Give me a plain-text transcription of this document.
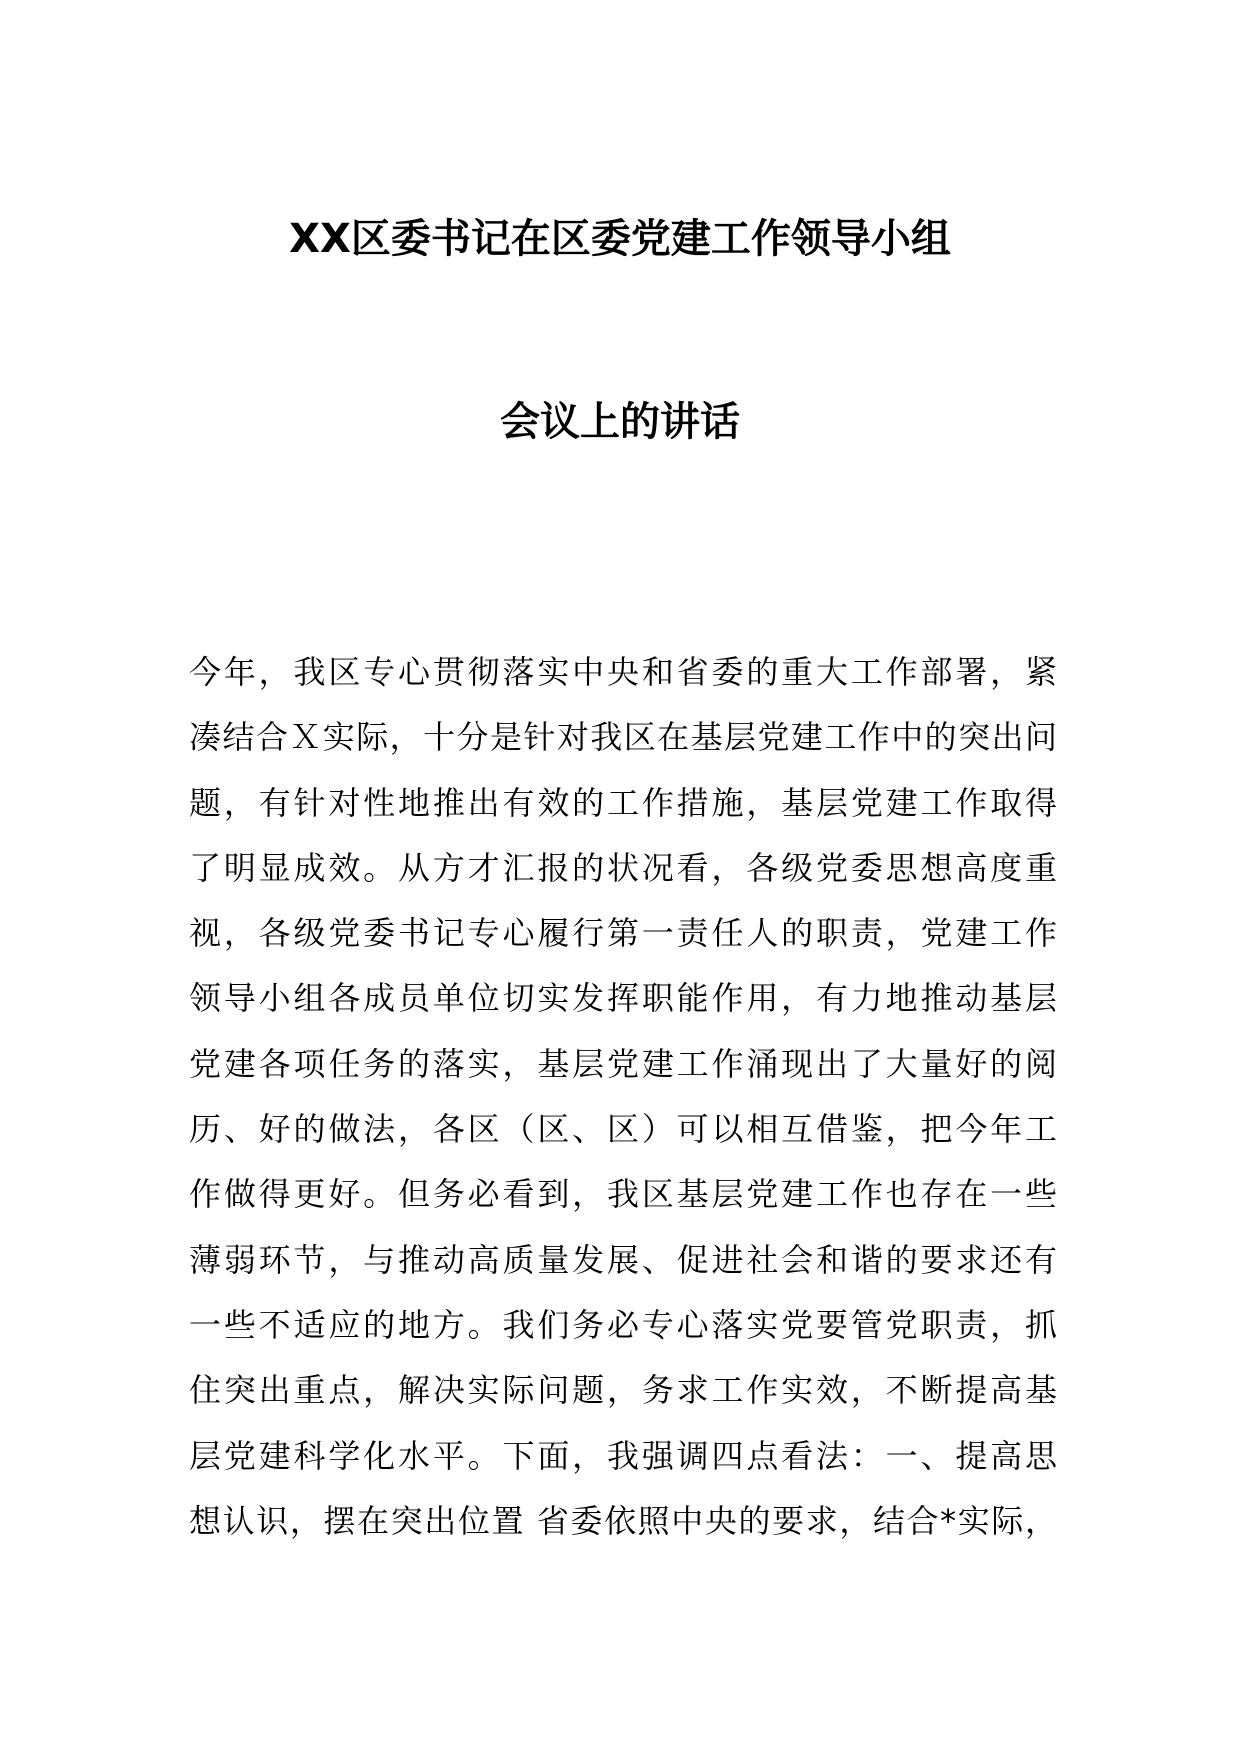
XX区委书记在区委党建工作领导小组
会议上的讲话
今年，我区专心贯彻落实中央和省委的重大工作部署，紧
凑结合Ｘ实际，十分是针对我区在基层党建工作中的突出问
题，有针对性地推出有效的工作措施，基层党建工作取得
了明显成效。从方才汇报的状况看，各级党委思想高度重
视，各级党委书记专心履行第一责任人的职责，党建工作
领导小组各成员单位切实发挥职能作用，有力地推动基层
党建各项任务的落实，基层党建工作涌现出了大量好的阅
历、好的做法，各区（区、区）可以相互借鉴，把今年工
作做得更好。但务必看到，我区基层党建工作也存在一些
薄弱环节，与推动高质量发展、促进社会和谐的要求还有
一些不适应的地方。我们务必专心落实党要管党职责，抓
住突出重点，解决实际问题，务求工作实效，不断提高基
层党建科学化水平。下面，我强调四点看法：一、提高思
想认识，摆在突出位置 省委依照中央的要求，结合*实际，
